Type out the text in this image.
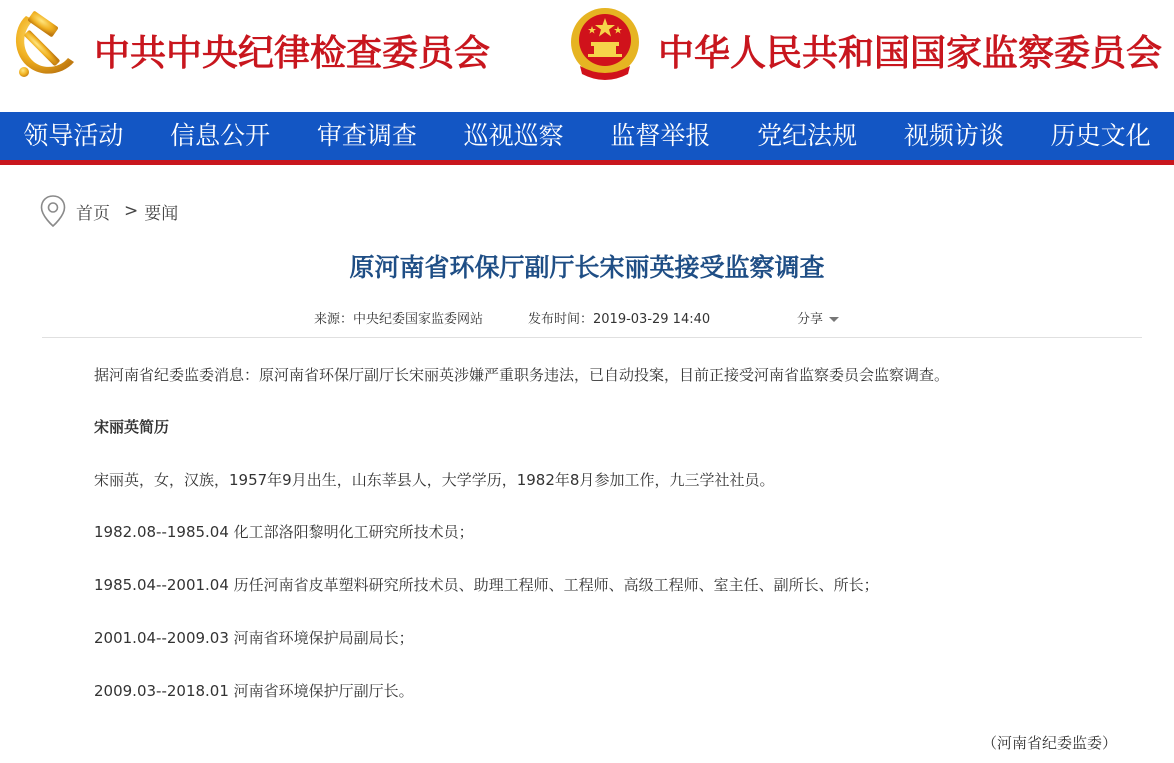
中共中央纪律检查委员会	中华人民共和国国家监察委员会
领导活动 信息公开 审查调查 巡视巡察 监督举报 党纪法规 视频访谈 历史文化
首页 > 要闻
原河南省环保厅副厅长宋丽英接受监察调查
来源：中央纪委国家监委网站	发布时间：2019-03-29 14:40	分享
据河南省纪委监委消息：原河南省环保厅副厅长宋丽英涉嫌严重职务违法，已自动投案，目前正接受河南省监察委员会监察调查。
宋丽英简历
宋丽英，女，汉族，1957年9月出生，山东莘县人，大学学历，1982年8月参加工作，九三学社社员。
1982.08--1985.04 化工部洛阳黎明化工研究所技术员；
1985.04--2001.04 历任河南省皮革塑料研究所技术员、助理工程师、工程师、高级工程师、室主任、副所长、所长；
2001.04--2009.03 河南省环境保护局副局长；
2009.03--2018.01 河南省环境保护厅副厅长。
（河南省纪委监委）
